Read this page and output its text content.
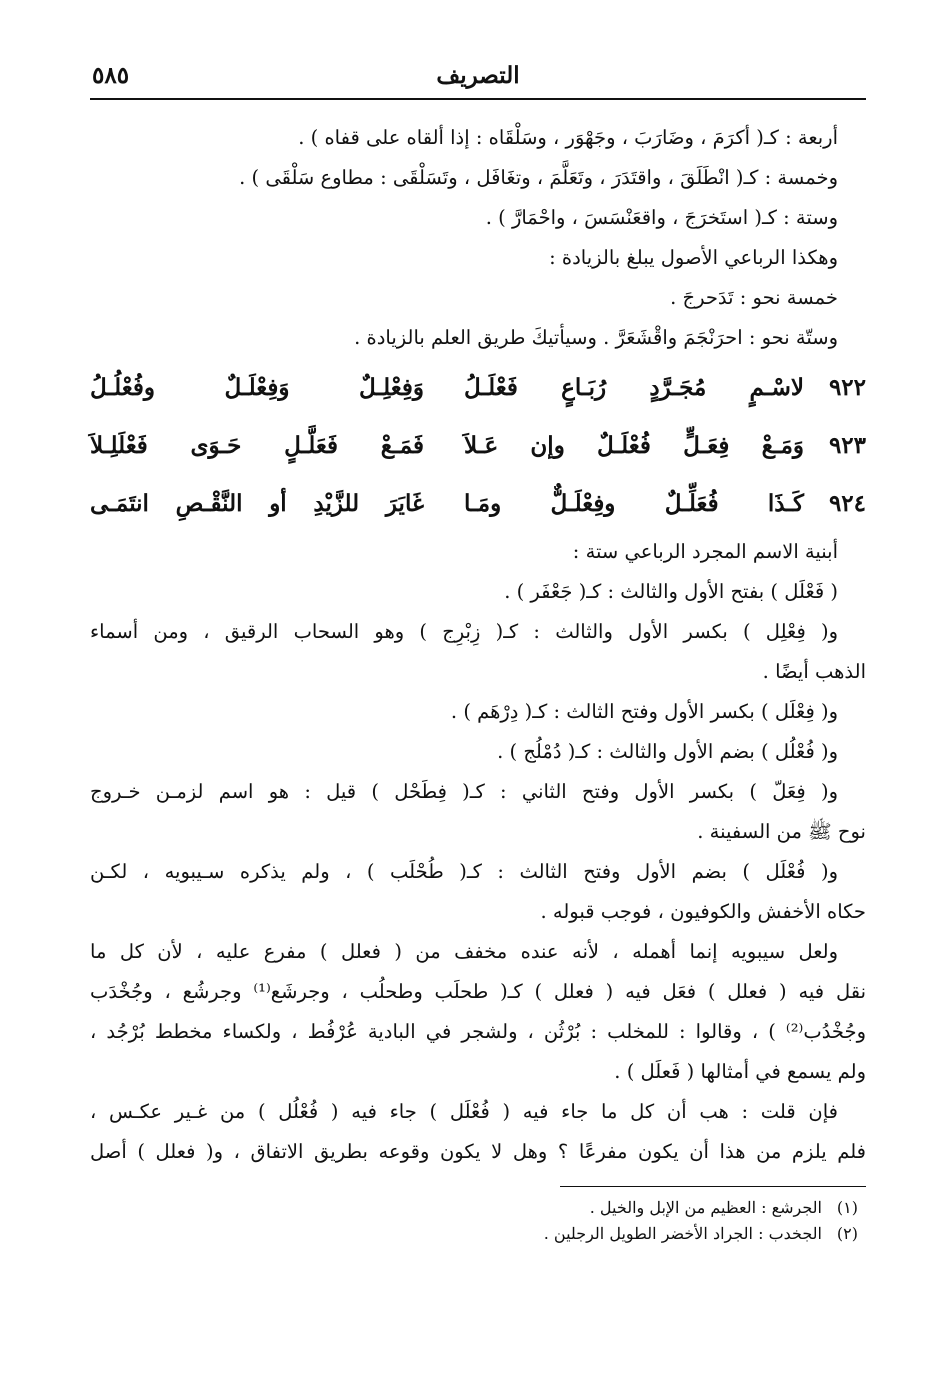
التصريف
٥٨٥
أربعة : كـ( أكرَمَ ، وضَارَبَ ، وجَهْوَر ، وسَلْقَاه : إذا ألقاه على قفاه ) .
وخمسة : كـ( انْطَلَقَ ، واقتَدَرَ ، وتَعَلَّمَ ، وتغَافَل ، وتَسَلْقَى : مطاوع سَلْقَى ) .
وستة : كـ( استَخرَجَ ، واقعَنْسَسَ ، واحْمَارَّ ) .
وهكذا الرباعي الأصول يبلغ بالزيادة :
خمسة نحو : تَدَحرجَ .
وستّة نحو : احرَنْجَمَ واقْشَعَرَّ . وسيأتيكَ طريق العلم بالزيادة .
٩٢٢
لاسْـمٍ مُجَـرَّدٍ رُبَـاعٍ فَعْلَـلُ
وَفِعْلِـلٌ وَفِعْلَـلٌ وفُعْلُـلُ
٩٢٣
وَمَـعْ فِعَـلٍّ فُعْلَـلٌ وإن عَـلاَ
فَمَـعْ فَعَلَّـلٍ حَـوَى فَعْلَلِـلاَ
٩٢٤
كَـذَا فُعَلِّـلٌ وفِعْلَـلٌّ ومَـا
غَايَرَ للزَّيْدِ أو النَّقْـصِ انتَمَـى
أبنية الاسم المجرد الرباعي ستة :
( فَعْلَل ) بفتح الأول والثالث : كـ( جَعْفَر ) .
و( فِعْلِل ) بكسر الأول والثالث : كـ( زِبْرِج ) وهو السحاب الرقيق ، ومن أسماء
الذهب أيضًا .
و( فِعْلَل ) بكسر الأول وفتح الثالث : كـ( دِرْهَم ) .
و( فُعْلُل ) بضم الأول والثالث : كـ( دُمْلُج ) .
و( فِعَلّ ) بكسر الأول وفتح الثاني : كـ( فِطَحْل ) قيل : هو اسم لزمـن خـروج
نوح ﷺ من السفينة .
و( فُعْلَل ) بضم الأول وفتح الثالث : كـ( طُحْلَب ) ، ولم يذكره سـيبويه ، لكـن
حكاه الأخفش والكوفيون ، فوجب قبوله .
ولعل سيبويه إنما أهمله ، لأنه عنده مخفف من ( فعلل ) مفرع عليه ، لأن كل ما
نقل فيه ( فعلل ) فعَل فيه ( فعلل ) كـ( طحلَب وطحلُب ، وجرشَع⁽¹⁾ وجرشُع ، وجُخْدَب
وجُخْدُب⁽²⁾ ) ، وقالوا : للمخلب : بُرْثُن ، ولشجر في البادية عُرْفُط ، ولكساء مخطط بُرْجُد ،
ولم يسمع في أمثالها ( فَعلَل ) .
فإن قلت : هب أن كل ما جاء فيه ( فُعْلَل ) جاء فيه ( فُعْلُل ) من غـير عكـس ،
فلم يلزم من هذا أن يكون مفرعًا ؟ وهل لا يكون وقوعه بطريق الاتفاق ، و( فعلل ) أصل
(١)
الجرشع : العظيم من الإبل والخيل .
(٢)
الجخدب : الجراد الأخضر الطويل الرجلين .
